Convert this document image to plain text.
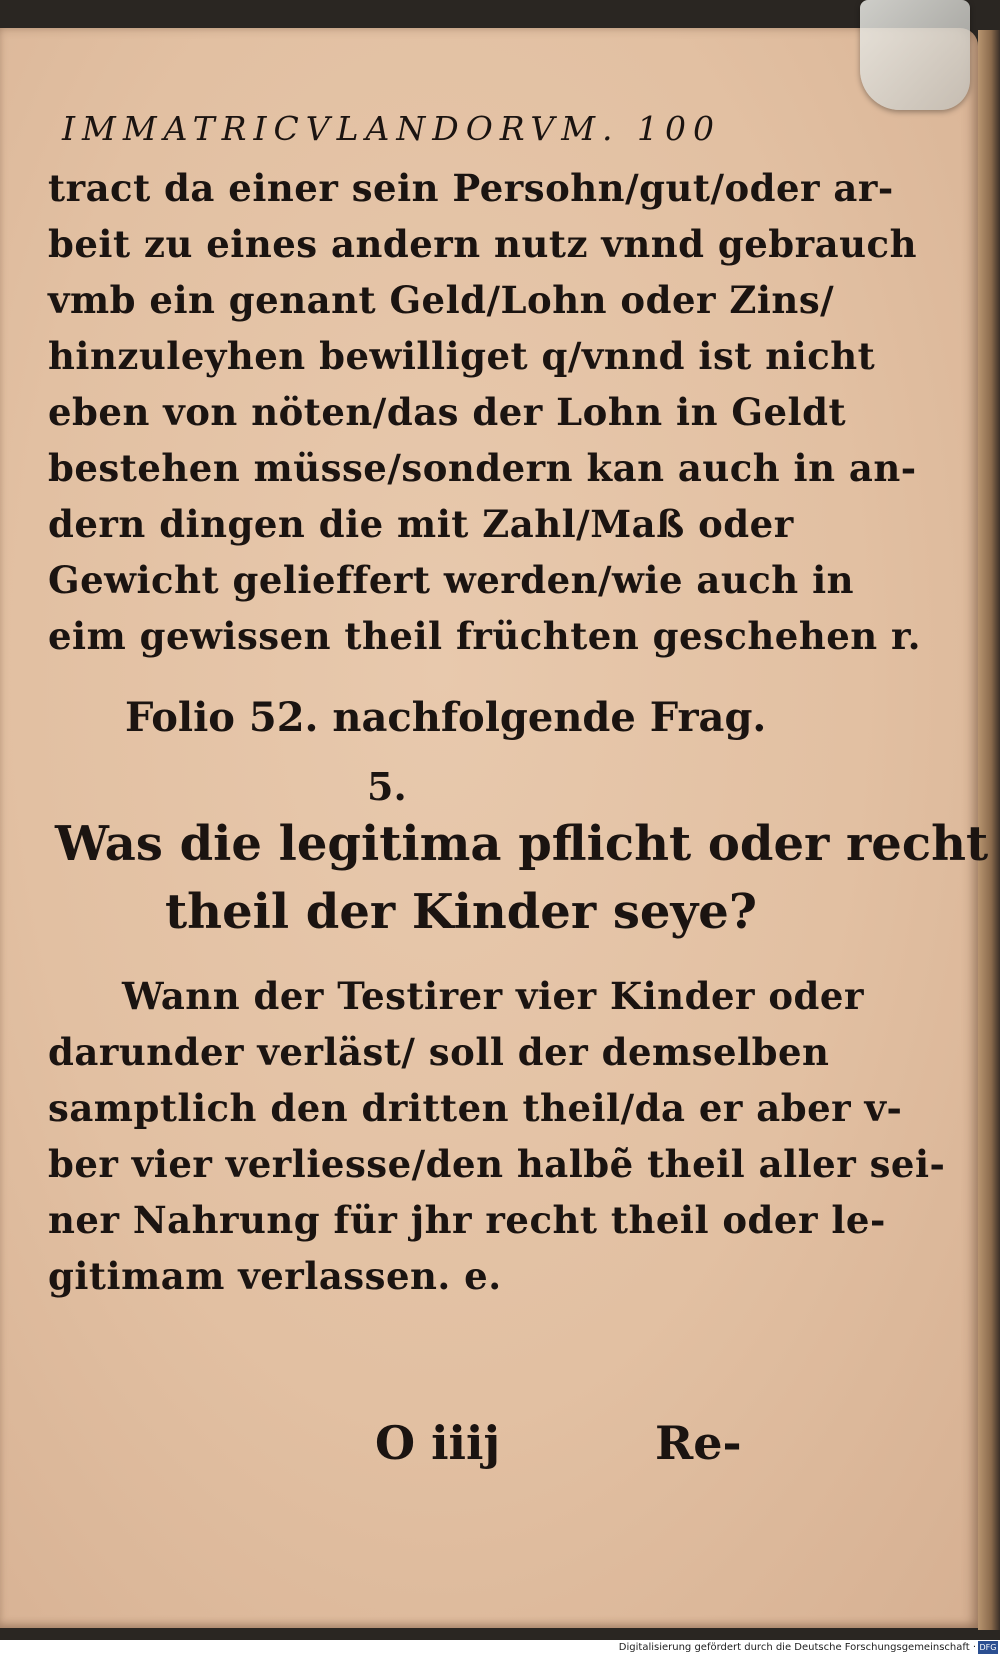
IMMATRICVLANDORVM. 100
tract da einer sein Persohn/gut/oder ar-
beit zu eines andern nutz vnnd gebrauch
vmb ein genant Geld/Lohn oder Zins/
hinzuleyhen bewilliget q/vnnd ist nicht
eben von nöten/das der Lohn in Geldt
bestehen müsse/sondern kan auch in an-
dern dingen die mit Zahl/Maß oder
Gewicht gelieffert werden/wie auch in
eim gewissen theil früchten geschehen r.
Folio 52. nachfolgende Frag.
5.
Was die legitima pflicht oder recht
theil der Kinder seye?
Wann der Testirer vier Kinder oder
darunder verläst/ soll der demselben
samptlich den dritten theil/da er aber v-
ber vier verliesse/den halbẽ theil aller sei-
ner Nahrung für jhr recht theil oder le-
gitimam verlassen. e.
O iiij	Re-
Digitalisierung gefördert durch die Deutsche Forschungsgemeinschaft · DFG
